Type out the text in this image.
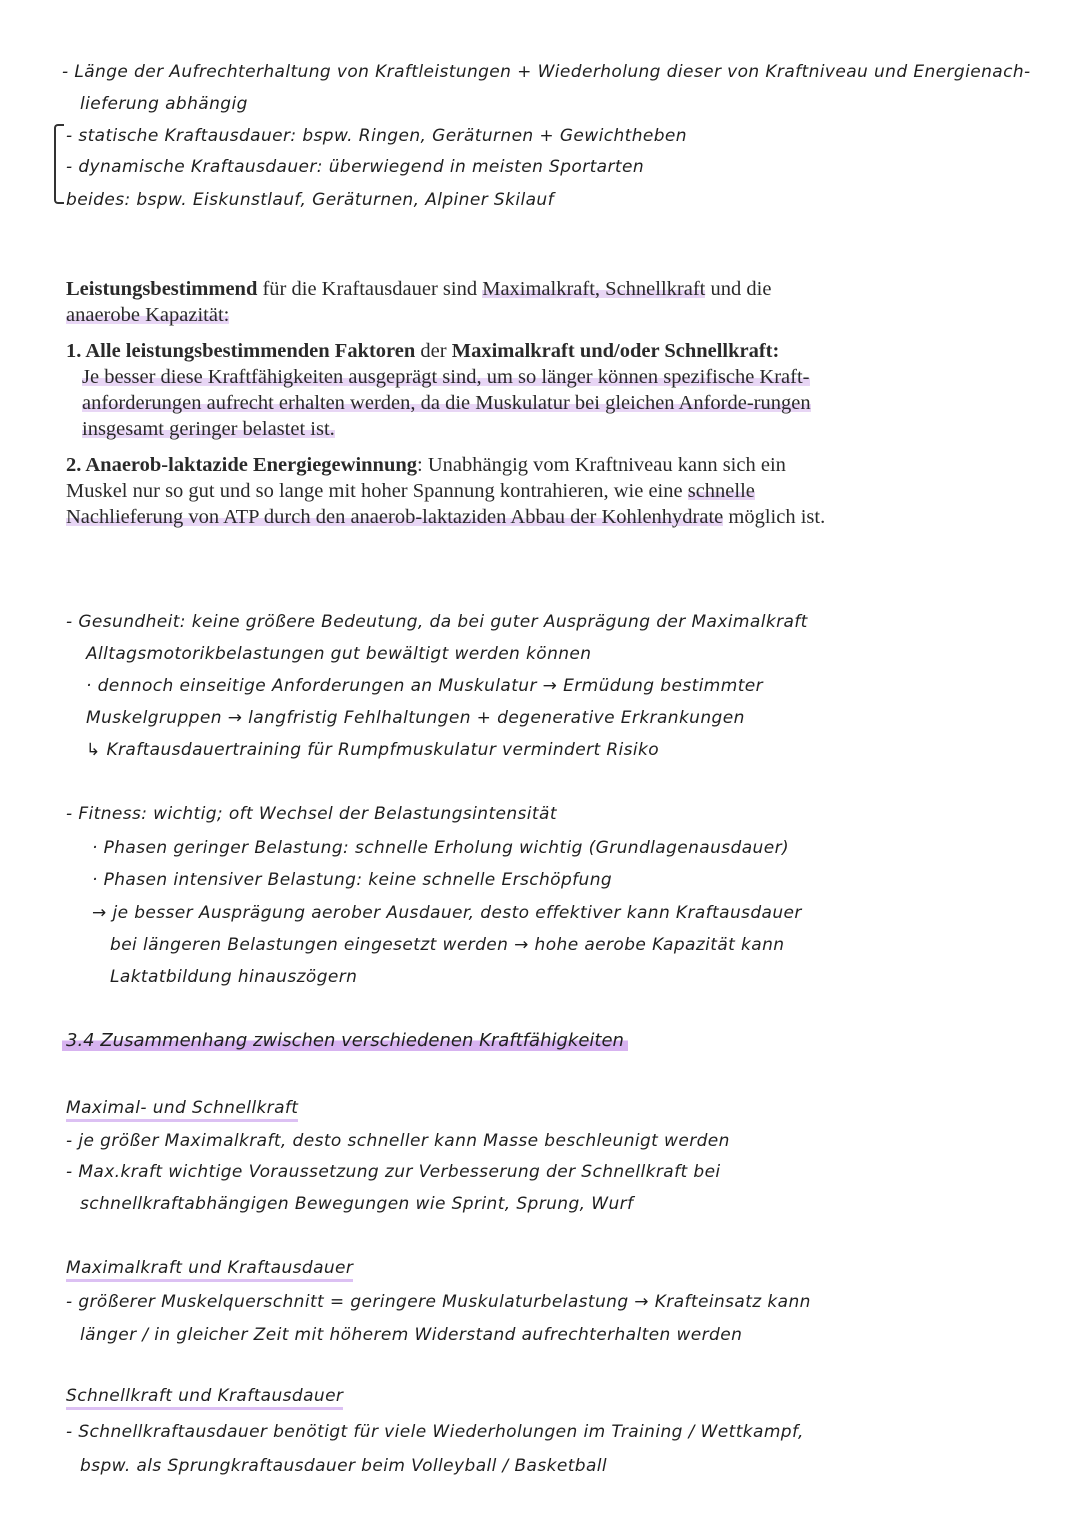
- Länge der Aufrechterhaltung von Kraftleistungen + Wiederholung dieser von Kraftniveau und Energienach-
lieferung abhängig
- statische Kraftausdauer: bspw. Ringen, Geräturnen + Gewichtheben
- dynamische Kraftausdauer: überwiegend in meisten Sportarten
beides: bspw. Eiskunstlauf, Geräturnen, Alpiner Skilauf

Leistungsbestimmend für die Kraftausdauer sind Maximalkraft, Schnellkraft und die anaerobe Kapazität:

1. Alle leistungsbestimmenden Faktoren der Maximalkraft und/oder Schnellkraft:

Je besser diese Kraftfähigkeiten ausgeprägt sind, um so länger können spezifische Kraft-anforderungen aufrecht erhalten werden, da die Muskulatur bei gleichen Anforde-rungen insgesamt geringer belastet ist.

2. Anaerob-laktazide Energiegewinnung: Unabhängig vom Kraftniveau kann sich ein Muskel nur so gut und so lange mit hoher Spannung kontrahieren, wie eine schnelle Nachlieferung von ATP durch den anaerob-laktaziden Abbau der Kohlenhydrate möglich ist.

- Gesundheit: keine größere Bedeutung, da bei guter Ausprägung der Maximalkraft
Alltagsmotorikbelastungen gut bewältigt werden können
· dennoch einseitige Anforderungen an Muskulatur → Ermüdung bestimmter
Muskelgruppen → langfristig Fehlhaltungen + degenerative Erkrankungen
↳ Kraftausdauertraining für Rumpfmuskulatur vermindert Risiko
- Fitness: wichtig; oft Wechsel der Belastungsintensität
· Phasen geringer Belastung: schnelle Erholung wichtig (Grundlagenausdauer)
· Phasen intensiver Belastung: keine schnelle Erschöpfung
→ je besser Ausprägung aerober Ausdauer, desto effektiver kann Kraftausdauer
bei längeren Belastungen eingesetzt werden → hohe aerobe Kapazität kann
Laktatbildung hinauszögern
3.4 Zusammenhang zwischen verschiedenen Kraftfähigkeiten
Maximal- und Schnellkraft
- je größer Maximalkraft, desto schneller kann Masse beschleunigt werden
- Max.kraft wichtige Voraussetzung zur Verbesserung der Schnellkraft bei
schnellkraftabhängigen Bewegungen wie Sprint, Sprung, Wurf
Maximalkraft und Kraftausdauer
- größerer Muskelquerschnitt = geringere Muskulaturbelastung → Krafteinsatz kann
länger / in gleicher Zeit mit höherem Widerstand aufrechterhalten werden
Schnellkraft und Kraftausdauer
- Schnellkraftausdauer benötigt für viele Wiederholungen im Training / Wettkampf,
bspw. als Sprungkraftausdauer beim Volleyball / Basketball
